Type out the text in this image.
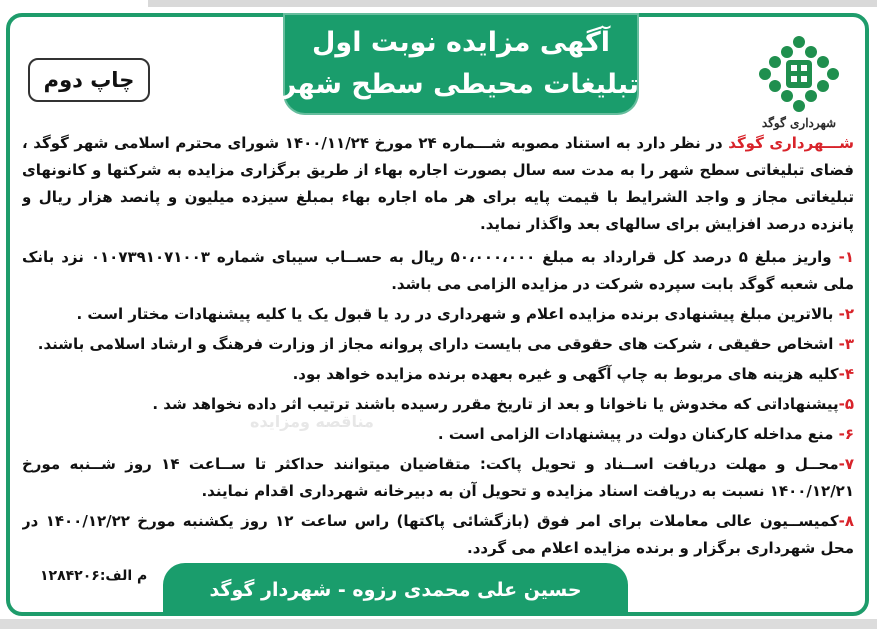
آگهی مزایده نوبت اول
تبلیغات محیطی سطح شهر
چاپ دوم
شهرداری گوگد
مناقصه ومزایده
شـــهرداری گوگد در نظر دارد به استناد مصوبه شـــماره ۲۴ مورخ ۱۴۰۰/۱۱/۲۴ شورای محترم اسلامی شهر گوگد ، فضای تبلیغاتی سطح شهر را به مدت سه سال بصورت اجاره بهاء از طریق برگزاری مزایده به شرکتها و کانونهای تبلیغاتی مجاز و واجد الشرایط با قیمت پایه برای هر ماه اجاره بهاء بمبلغ سیزده میلیون و پانصد هزار ریال و پانزده درصد افزایش برای سالهای بعد واگذار نماید.
۱- واریز مبلغ ۵ درصد کل قرارداد به مبلغ ۵۰،۰۰۰،۰۰۰ ریال به حســاب سیبای شماره ۰۱۰۷۳۹۱۰۷۱۰۰۳ نزد بانک ملی شعبه گوگد بابت سپرده شرکت در مزایده الزامی می باشد.
۲- بالاترین مبلغ پیشنهادی برنده مزایده اعلام و شهرداری در رد یا قبول یک یا کلیه پیشنهادات مختار است .
۳- اشخاص حقیقی ، شرکت های حقوقی می بایست دارای پروانه مجاز از وزارت فرهنگ و ارشاد اسلامی باشند.
۴-کلیه هزینه های مربوط به چاپ آگهی و غیره بعهده برنده مزایده خواهد بود.
۵-پیشنهاداتی که مخدوش یا ناخوانا و بعد از تاریخ مقرر رسیده باشند ترتیب اثر داده نخواهد شد .
۶- منع مداخله کارکنان دولت در پیشنهادات الزامی است .
۷-محــل و مهلت دریافت اســناد و تحویل پاکت: متقاضیان میتوانند حداکثر تا ســاعت ۱۴ روز شــنبه مورخ ۱۴۰۰/۱۲/۲۱ نسبت به دریافت اسناد مزایده و تحویل آن به دبیرخانه شهرداری اقدام نمایند.
۸-کمیســیون عالی معاملات برای امر فوق (بازگشائی پاکتها) راس ساعت ۱۲ روز یکشنبه مورخ ۱۴۰۰/۱۲/۲۲ در محل شهرداری برگزار و برنده مزایده اعلام می گردد.
م الف:۱۲۸۴۲۰۶
حسین علی محمدی رزوه - شهردار گوگد
